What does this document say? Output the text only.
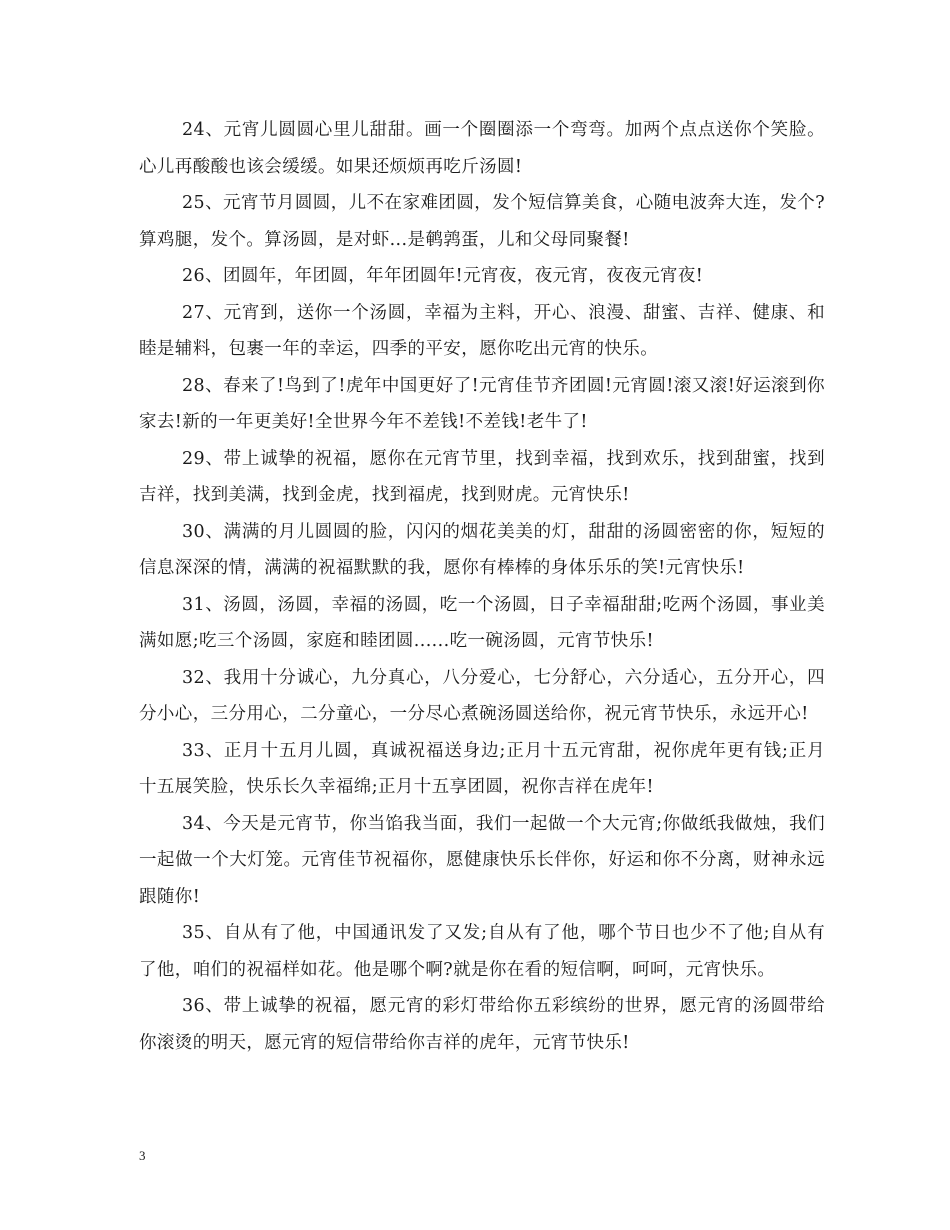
24、元宵儿圆圆心里儿甜甜。画一个圈圈添一个弯弯。加两个点点送你个笑脸。心儿再酸酸也该会缓缓。如果还烦烦再吃斤汤圆!

25、元宵节月圆圆，儿不在家难团圆，发个短信算美食，心随电波奔大连，发个?算鸡腿，发个。算汤圆，是对虾...是鹌鹑蛋，儿和父母同聚餐!

26、团圆年，年团圆，年年团圆年!元宵夜，夜元宵，夜夜元宵夜!

27、元宵到，送你一个汤圆，幸福为主料，开心、浪漫、甜蜜、吉祥、健康、和睦是辅料，包裹一年的幸运，四季的平安，愿你吃出元宵的快乐。

28、春来了!鸟到了!虎年中国更好了!元宵佳节齐团圆!元宵圆!滚又滚!好运滚到你家去!新的一年更美好!全世界今年不差钱!不差钱!老牛了!

29、带上诚挚的祝福，愿你在元宵节里，找到幸福，找到欢乐，找到甜蜜，找到吉祥，找到美满，找到金虎，找到福虎，找到财虎。元宵快乐!

30、满满的月儿圆圆的脸，闪闪的烟花美美的灯，甜甜的汤圆密密的你，短短的信息深深的情，满满的祝福默默的我，愿你有棒棒的身体乐乐的笑!元宵快乐!

31、汤圆，汤圆，幸福的汤圆，吃一个汤圆，日子幸福甜甜;吃两个汤圆，事业美满如愿;吃三个汤圆，家庭和睦团圆......吃一碗汤圆，元宵节快乐!

32、我用十分诚心，九分真心，八分爱心，七分舒心，六分适心，五分开心，四分小心，三分用心，二分童心，一分尽心煮碗汤圆送给你，祝元宵节快乐，永远开心!

33、正月十五月儿圆，真诚祝福送身边;正月十五元宵甜，祝你虎年更有钱;正月十五展笑脸，快乐长久幸福绵;正月十五享团圆，祝你吉祥在虎年!

34、今天是元宵节，你当馅我当面，我们一起做一个大元宵;你做纸我做烛，我们一起做一个大灯笼。元宵佳节祝福你，愿健康快乐长伴你，好运和你不分离，财神永远跟随你!

35、自从有了他，中国通讯发了又发;自从有了他，哪个节日也少不了他;自从有了他，咱们的祝福样如花。他是哪个啊?就是你在看的短信啊，呵呵，元宵快乐。

36、带上诚挚的祝福，愿元宵的彩灯带给你五彩缤纷的世界，愿元宵的汤圆带给你滚烫的明天，愿元宵的短信带给你吉祥的虎年，元宵节快乐!

3
